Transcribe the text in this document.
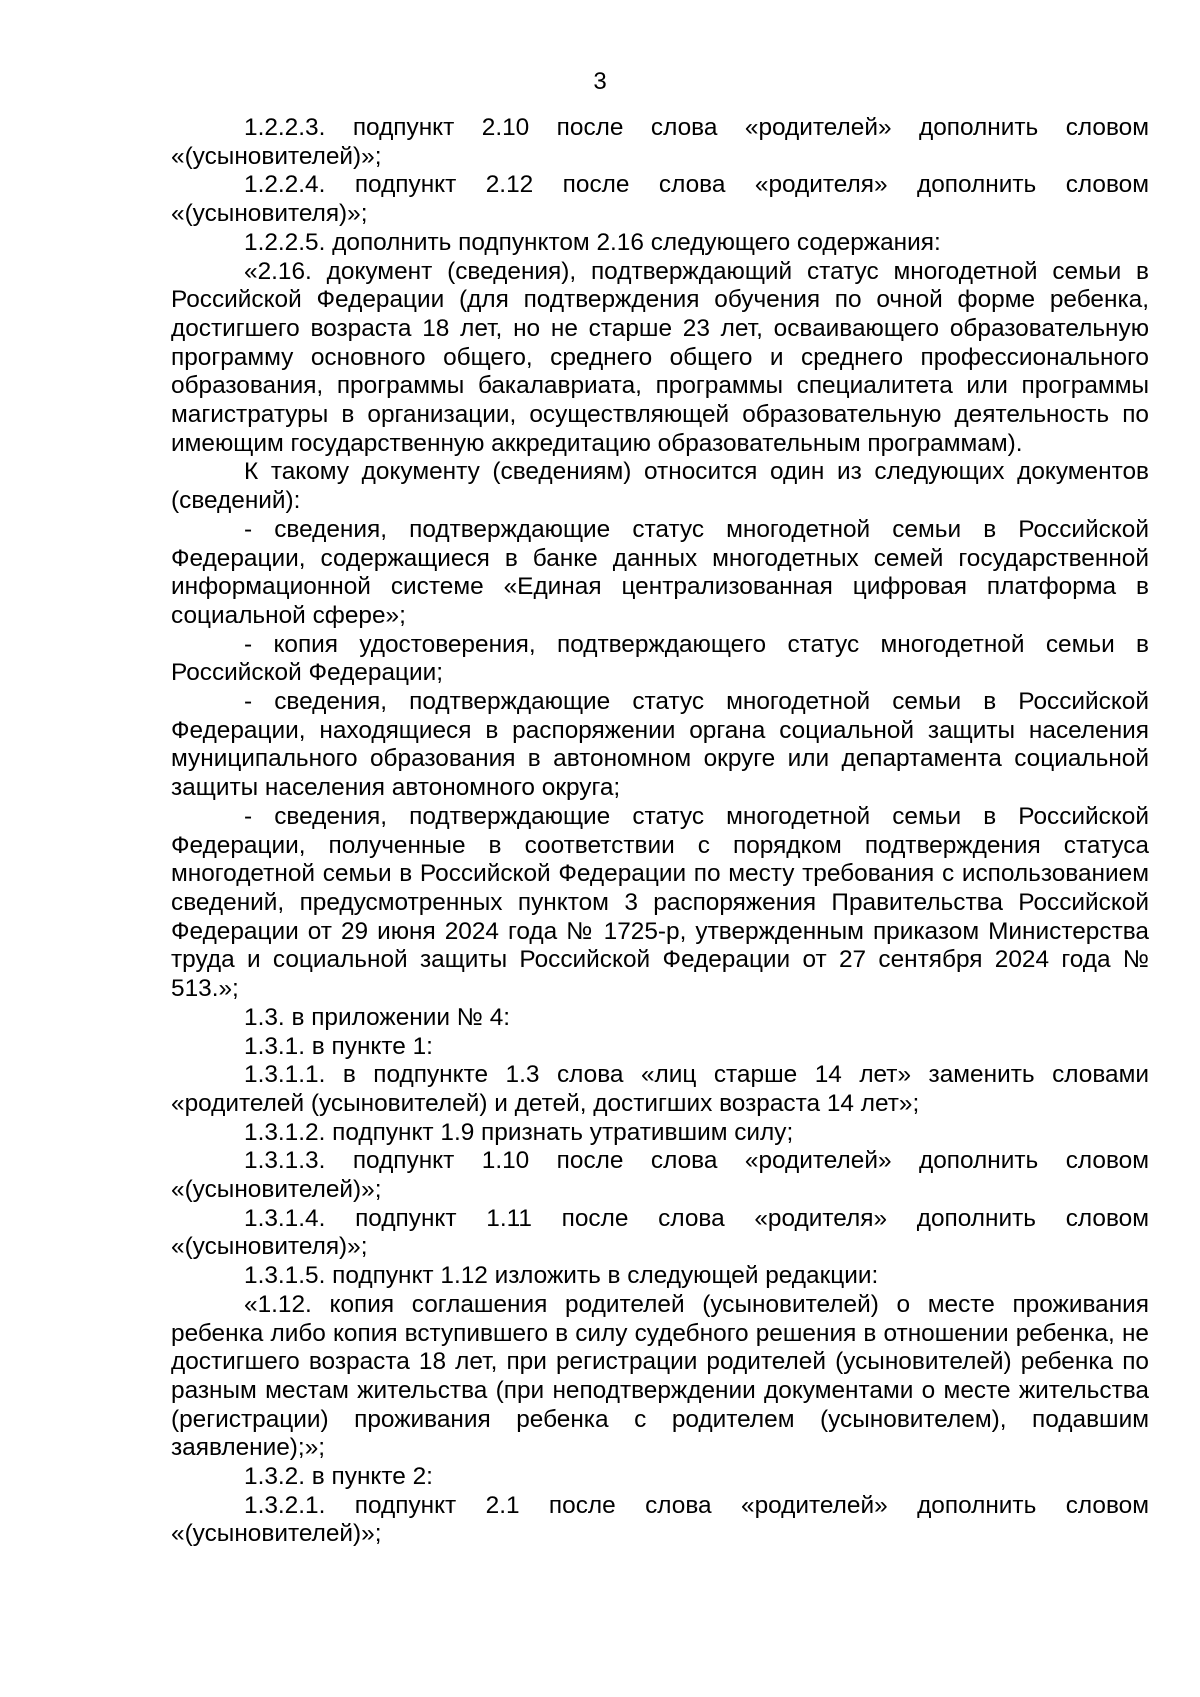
3

1.2.2.3. подпункт 2.10 после слова «родителей» дополнить словом «(усыновителей)»;

1.2.2.4. подпункт 2.12 после слова «родителя» дополнить словом «(усыновителя)»;

1.2.2.5. дополнить подпунктом 2.16 следующего содержания:

«2.16. документ (сведения), подтверждающий статус многодетной семьи в Российской Федерации (для подтверждения обучения по очной форме ребенка, достигшего возраста 18 лет, но не старше 23 лет, осваивающего образовательную программу основного общего, среднего общего и среднего профессионального образования, программы бакалавриата, программы специалитета или программы магистратуры в организации, осуществляющей образовательную деятельность по имеющим государственную аккредитацию образовательным программам).

К такому документу (сведениям) относится один из следующих документов (сведений):

- сведения, подтверждающие статус многодетной семьи в Российской Федерации, содержащиеся в банке данных многодетных семей государственной информационной системе «Единая централизованная цифровая платформа в социальной сфере»;

- копия удостоверения, подтверждающего статус многодетной семьи в Российской Федерации;

- сведения, подтверждающие статус многодетной семьи в Российской Федерации, находящиеся в распоряжении органа социальной защиты населения муниципального образования в автономном округе или департамента социальной защиты населения автономного округа;

- сведения, подтверждающие статус многодетной семьи в Российской Федерации, полученные в соответствии с порядком подтверждения статуса многодетной семьи в Российской Федерации по месту требования с использованием сведений, предусмотренных пунктом 3 распоряжения Правительства Российской Федерации от 29 июня 2024 года № 1725-р, утвержденным приказом Министерства труда и социальной защиты Российской Федерации от 27 сентября 2024 года № 513.»;

1.3. в приложении № 4:

1.3.1. в пункте 1:

1.3.1.1. в подпункте 1.3 слова «лиц старше 14 лет» заменить словами «родителей (усыновителей) и детей, достигших возраста 14 лет»;

1.3.1.2. подпункт 1.9 признать утратившим силу;

1.3.1.3. подпункт 1.10 после слова «родителей» дополнить словом «(усыновителей)»;

1.3.1.4. подпункт 1.11 после слова «родителя» дополнить словом «(усыновителя)»;

1.3.1.5. подпункт 1.12 изложить в следующей редакции:

«1.12. копия соглашения родителей (усыновителей) о месте проживания ребенка либо копия вступившего в силу судебного решения в отношении ребенка, не достигшего возраста 18 лет, при регистрации родителей (усыновителей) ребенка по разным местам жительства (при неподтверждении документами о месте жительства (регистрации) проживания ребенка с родителем (усыновителем), подавшим заявление);»;

1.3.2. в пункте 2:

1.3.2.1. подпункт 2.1 после слова «родителей» дополнить словом «(усыновителей)»;
